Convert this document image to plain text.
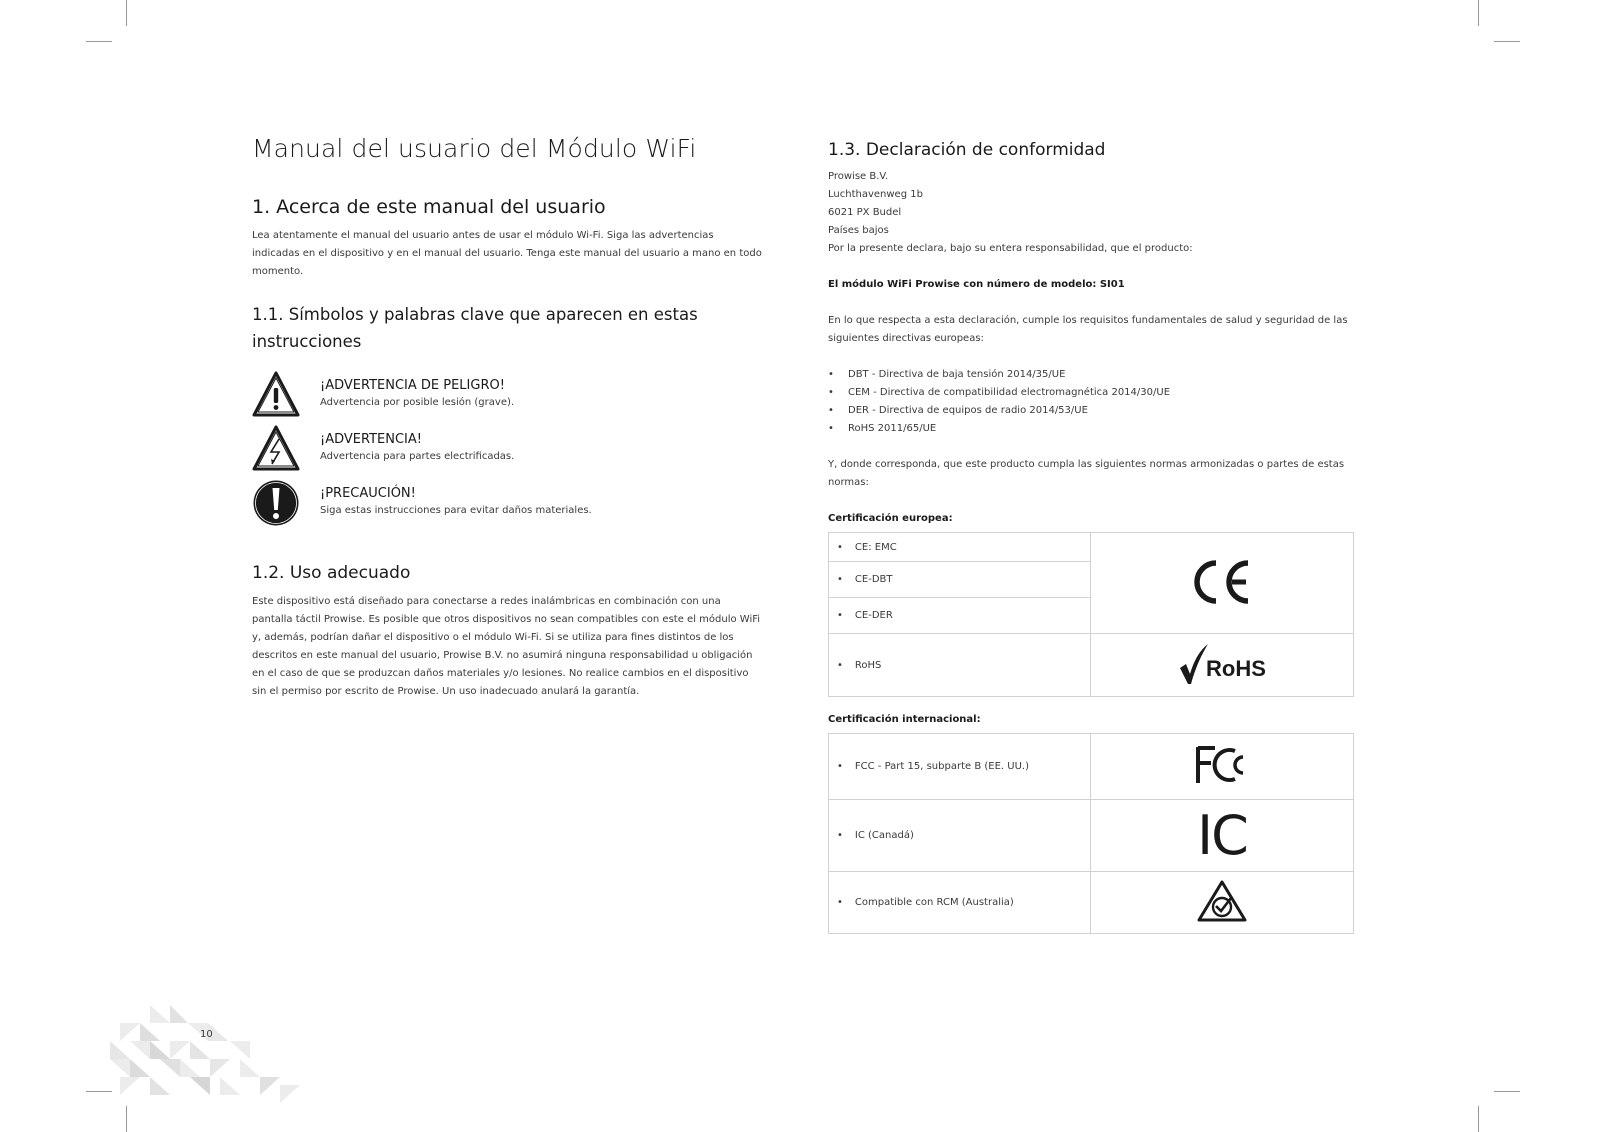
10
Manual del usuario del Módulo WiFi
1. Acerca de este manual del usuario

Lea atentamente el manual del usuario antes de usar el módulo Wi-Fi. Siga las advertencias indicadas en el dispositivo y en el manual del usuario. Tenga este manual del usuario a mano en todo momento.

1.1. Símbolos y palabras clave que aparecen en estas instrucciones
¡ADVERTENCIA DE PELIGRO!
Advertencia por posible lesión (grave).
¡ADVERTENCIA!
Advertencia para partes electrificadas.
¡PRECAUCIÓN!
Siga estas instrucciones para evitar daños materiales.
1.2. Uso adecuado

Este dispositivo está diseñado para conectarse a redes inalámbricas en combinación con una pantalla táctil Prowise. Es posible que otros dispositivos no sean compatibles con este el módulo WiFi y, además, podrían dañar el dispositivo o el módulo Wi-Fi. Si se utiliza para fines distintos de los descritos en este manual del usuario, Prowise B.V. no asumirá ninguna responsabilidad u obligación en el caso de que se produzcan daños materiales y/o lesiones. No realice cambios en el dispositivo sin el permiso por escrito de Prowise. Un uso inadecuado anulará la garantía.

1.3. Declaración de conformidad
Prowise B.V.
Luchthavenweg 1b
6021 PX Budel
Países bajos
Por la presente declara, bajo su entera responsabilidad, que el producto:
El módulo WiFi Prowise con número de modelo: SI01

En lo que respecta a esta declaración, cumple los requisitos fundamentales de salud y seguridad de las siguientes directivas europeas:

• DBT - Directiva de baja tensión 2014/35/UE
• CEM - Directiva de compatibilidad electromagnética 2014/30/UE
• DER - Directiva de equipos de radio 2014/53/UE
• RoHS 2011/65/UE

Y, donde corresponda, que este producto cumpla las siguientes normas armonizadas o partes de estas normas:

Certificación europea:
• CE: EMC	
• CE-DBT	
• CE-DER	
• RoHS	RoHS
Certificación internacional:
• FCC - Part 15, subparte B (EE. UU.)	
• IC (Canadá)	IC
• Compatible con RCM (Australia)	
